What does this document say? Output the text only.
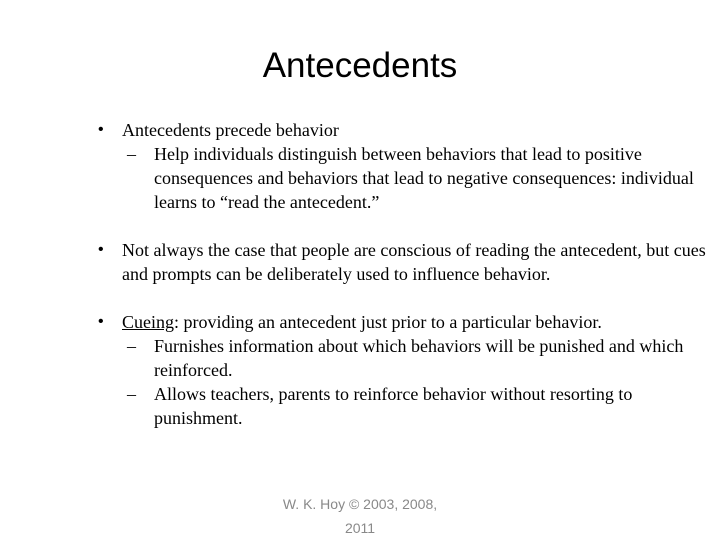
Antecedents
• Antecedents precede behavior
– Help individuals distinguish between behaviors that lead to positive consequences and behaviors that lead to negative consequences: individual learns to “read the antecedent.”
• Not always the case that people are conscious of reading the antecedent, but cues and prompts can be deliberately used to influence behavior.
• Cueing: providing an antecedent just prior to a particular behavior.
– Furnishes information about which behaviors will be punished and which reinforced.
– Allows teachers, parents to reinforce behavior without resorting to punishment.
W. K. Hoy © 2003, 2008,
2011
